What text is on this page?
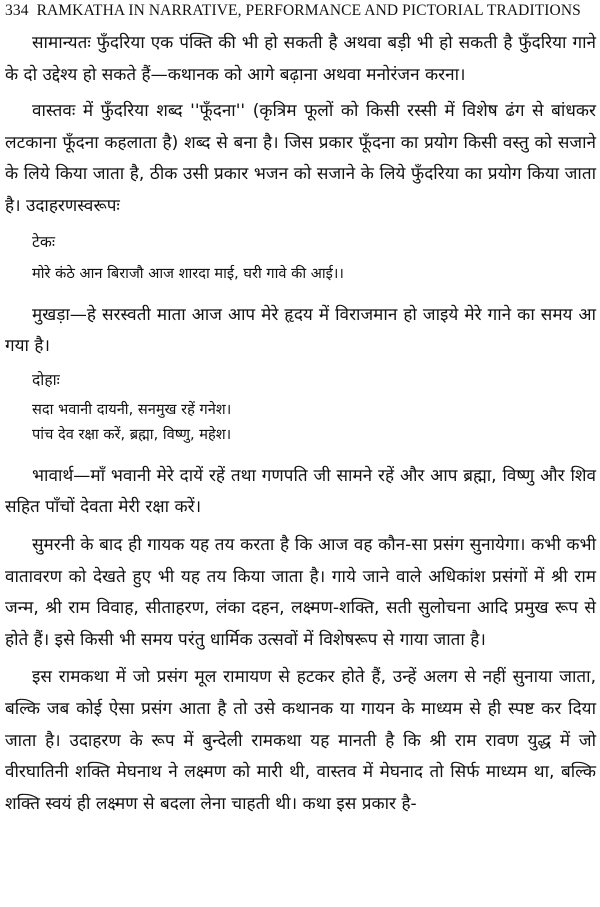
334 RAMKATHA IN NARRATIVE, PERFORMANCE AND PICTORIAL TRADITIONS

सामान्यतः फुँदरिया एक पंक्ति की भी हो सकती है अथवा बड़ी भी हो सकती है फुँदरिया गाने के दो उद्देश्य हो सकते हैं—कथानक को आगे बढ़ाना अथवा मनोरंजन करना।

वास्तवः में फुँदरिया शब्द ''फूँदना'' (कृत्रिम फूलों को किसी रस्सी में विशेष ढंग से बांधकर लटकाना फूँदना कहलाता है) शब्द से बना है। जिस प्रकार फूँदना का प्रयोग किसी वस्तु को सजाने के लिये किया जाता है, ठीक उसी प्रकार भजन को सजाने के लिये फुँदरिया का प्रयोग किया जाता है। उदाहरणस्वरूपः

टेकः
मोरे कंठे आन बिराजौ आज शारदा माई, घरी गावे की आई।।

मुखड़ा—हे सरस्वती माता आज आप मेरे हृदय में विराजमान हो जाइये मेरे गाने का समय आ गया है।

दोहाः
सदा भवानी दायनी, सनमुख रहें गनेश।
पांच देव रक्षा करें, ब्रह्मा, विष्णु, महेश।

भावार्थ—माँ भवानी मेरे दायें रहें तथा गणपति जी सामने रहें और आप ब्रह्मा, विष्णु और शिव सहित पाँचों देवता मेरी रक्षा करें।

सुमरनी के बाद ही गायक यह तय करता है कि आज वह कौन-सा प्रसंग सुनायेगा। कभी कभी वातावरण को देखते हुए भी यह तय किया जाता है। गाये जाने वाले अधिकांश प्रसंगों में श्री राम जन्म, श्री राम विवाह, सीताहरण, लंका दहन, लक्ष्मण-शक्ति, सती सुलोचना आदि प्रमुख रूप से होते हैं। इसे किसी भी समय परंतु धार्मिक उत्सवों में विशेषरूप से गाया जाता है।

इस रामकथा में जो प्रसंग मूल रामायण से हटकर होते हैं, उन्हें अलग से नहीं सुनाया जाता, बल्कि जब कोई ऐसा प्रसंग आता है तो उसे कथानक या गायन के माध्यम से ही स्पष्ट कर दिया जाता है। उदाहरण के रूप में बुन्देली रामकथा यह मानती है कि श्री राम रावण युद्ध में जो वीरघातिनी शक्ति मेघनाथ ने लक्ष्मण को मारी थी, वास्तव में मेघनाद तो सिर्फ माध्यम था, बल्कि शक्ति स्वयं ही लक्ष्मण से बदला लेना चाहती थी। कथा इस प्रकार है-
